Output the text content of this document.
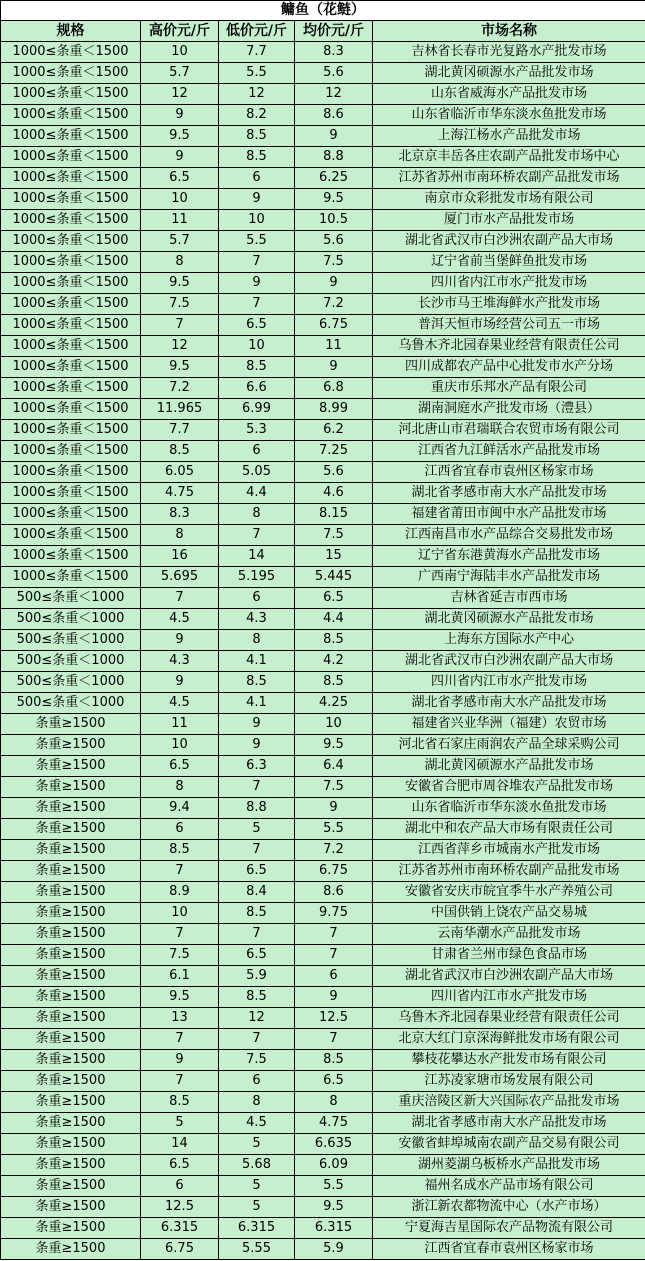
鳙鱼（花鲢）				
规格	高价元/斤	低价元/斤	均价元/斤	市场名称
1000≤条重＜1500	10	7.7	8.3	吉林省长春市光复路水产批发市场
1000≤条重＜1500	5.7	5.5	5.6	湖北黄冈硕源水产品批发市场
1000≤条重＜1500	12	12	12	山东省威海水产品批发市场
1000≤条重＜1500	9	8.2	8.6	山东省临沂市华东淡水鱼批发市场
1000≤条重＜1500	9.5	8.5	9	上海江杨水产品批发市场
1000≤条重＜1500	9	8.5	8.8	北京京丰岳各庄农副产品批发市场中心
1000≤条重＜1500	6.5	6	6.25	江苏省苏州市南环桥农副产品批发市场
1000≤条重＜1500	10	9	9.5	南京市众彩批发市场有限公司
1000≤条重＜1500	11	10	10.5	厦门市水产品批发市场
1000≤条重＜1500	5.7	5.5	5.6	湖北省武汉市白沙洲农副产品大市场
1000≤条重＜1500	8	7	7.5	辽宁省前当堡鲜鱼批发市场
1000≤条重＜1500	9.5	9	9	四川省内江市水产批发市场
1000≤条重＜1500	7.5	7	7.2	长沙市马王堆海鲜水产批发市场
1000≤条重＜1500	7	6.5	6.75	普洱天恒市场经营公司五一市场
1000≤条重＜1500	12	10	11	乌鲁木齐北园春果业经营有限责任公司
1000≤条重＜1500	9.5	8.5	9	四川成都农产品中心批发市水产分场
1000≤条重＜1500	7.2	6.6	6.8	重庆市乐邦水产品有限公司
1000≤条重＜1500	11.965	6.99	8.99	湖南洞庭水产批发市场（澧县）
1000≤条重＜1500	7.7	5.3	6.2	河北唐山市君瑞联合农贸市场有限公司
1000≤条重＜1500	8.5	6	7.25	江西省九江鲜活水产品批发市场
1000≤条重＜1500	6.05	5.05	5.6	江西省宜春市袁州区杨家市场
1000≤条重＜1500	4.75	4.4	4.6	湖北省孝感市南大水产品批发市场
1000≤条重＜1500	8.3	8	8.15	福建省莆田市闽中水产品批发市场
1000≤条重＜1500	8	7	7.5	江西南昌市水产品综合交易批发市场
1000≤条重＜1500	16	14	15	辽宁省东港黄海水产品批发市场
1000≤条重＜1500	5.695	5.195	5.445	广西南宁海陆丰水产品批发市场
500≤条重＜1000	7	6	6.5	吉林省延吉市西市场
500≤条重＜1000	4.5	4.3	4.4	湖北黄冈硕源水产品批发市场
500≤条重＜1000	9	8	8.5	上海东方国际水产中心
500≤条重＜1000	4.3	4.1	4.2	湖北省武汉市白沙洲农副产品大市场
500≤条重＜1000	9	8.5	8.5	四川省内江市水产批发市场
500≤条重＜1000	4.5	4.1	4.25	湖北省孝感市南大水产品批发市场
条重≥1500	11	9	10	福建省兴业华洲（福建）农贸市场
条重≥1500	10	9	9.5	河北省石家庄雨润农产品全球采购公司
条重≥1500	6.5	6.3	6.4	湖北黄冈硕源水产品批发市场
条重≥1500	8	7	7.5	安徽省合肥市周谷堆农产品批发市场
条重≥1500	9.4	8.8	9	山东省临沂市华东淡水鱼批发市场
条重≥1500	6	5	5.5	湖北中和农产品大市场有限责任公司
条重≥1500	8.5	7	7.2	江西省萍乡市城南水产批发市场
条重≥1500	7	6.5	6.75	江苏省苏州市南环桥农副产品批发市场
条重≥1500	8.9	8.4	8.6	安徽省安庆市皖宜季牛水产养殖公司
条重≥1500	10	8.5	9.75	中国供销上饶农产品交易城
条重≥1500	7	7	7	云南华潮水产品批发市场
条重≥1500	7.5	6.5	7	甘肃省兰州市绿色食品市场
条重≥1500	6.1	5.9	6	湖北省武汉市白沙洲农副产品大市场
条重≥1500	9.5	8.5	9	四川省内江市水产批发市场
条重≥1500	13	12	12.5	乌鲁木齐北园春果业经营有限责任公司
条重≥1500	7	7	7	北京大红门京深海鲜批发市场有限公司
条重≥1500	9	7.5	8.5	攀枝花攀达水产批发市场有限公司
条重≥1500	7	6	6.5	江苏凌家塘市场发展有限公司
条重≥1500	8.5	8	8	重庆涪陵区新大兴国际农产品批发市场
条重≥1500	5	4.5	4.75	湖北省孝感市南大水产品批发市场
条重≥1500	14	5	6.635	安徽省蚌埠城南农副产品交易有限公司
条重≥1500	6.5	5.68	6.09	湖州菱湖乌板桥水产品批发市场
条重≥1500	6	5	5.5	福州名成水产品市场有限公司
条重≥1500	12.5	5	9.5	浙江新农都物流中心（水产市场）
条重≥1500	6.315	6.315	6.315	宁夏海吉星国际农产品物流有限公司
条重≥1500	6.75	5.55	5.9	江西省宜春市袁州区杨家市场
